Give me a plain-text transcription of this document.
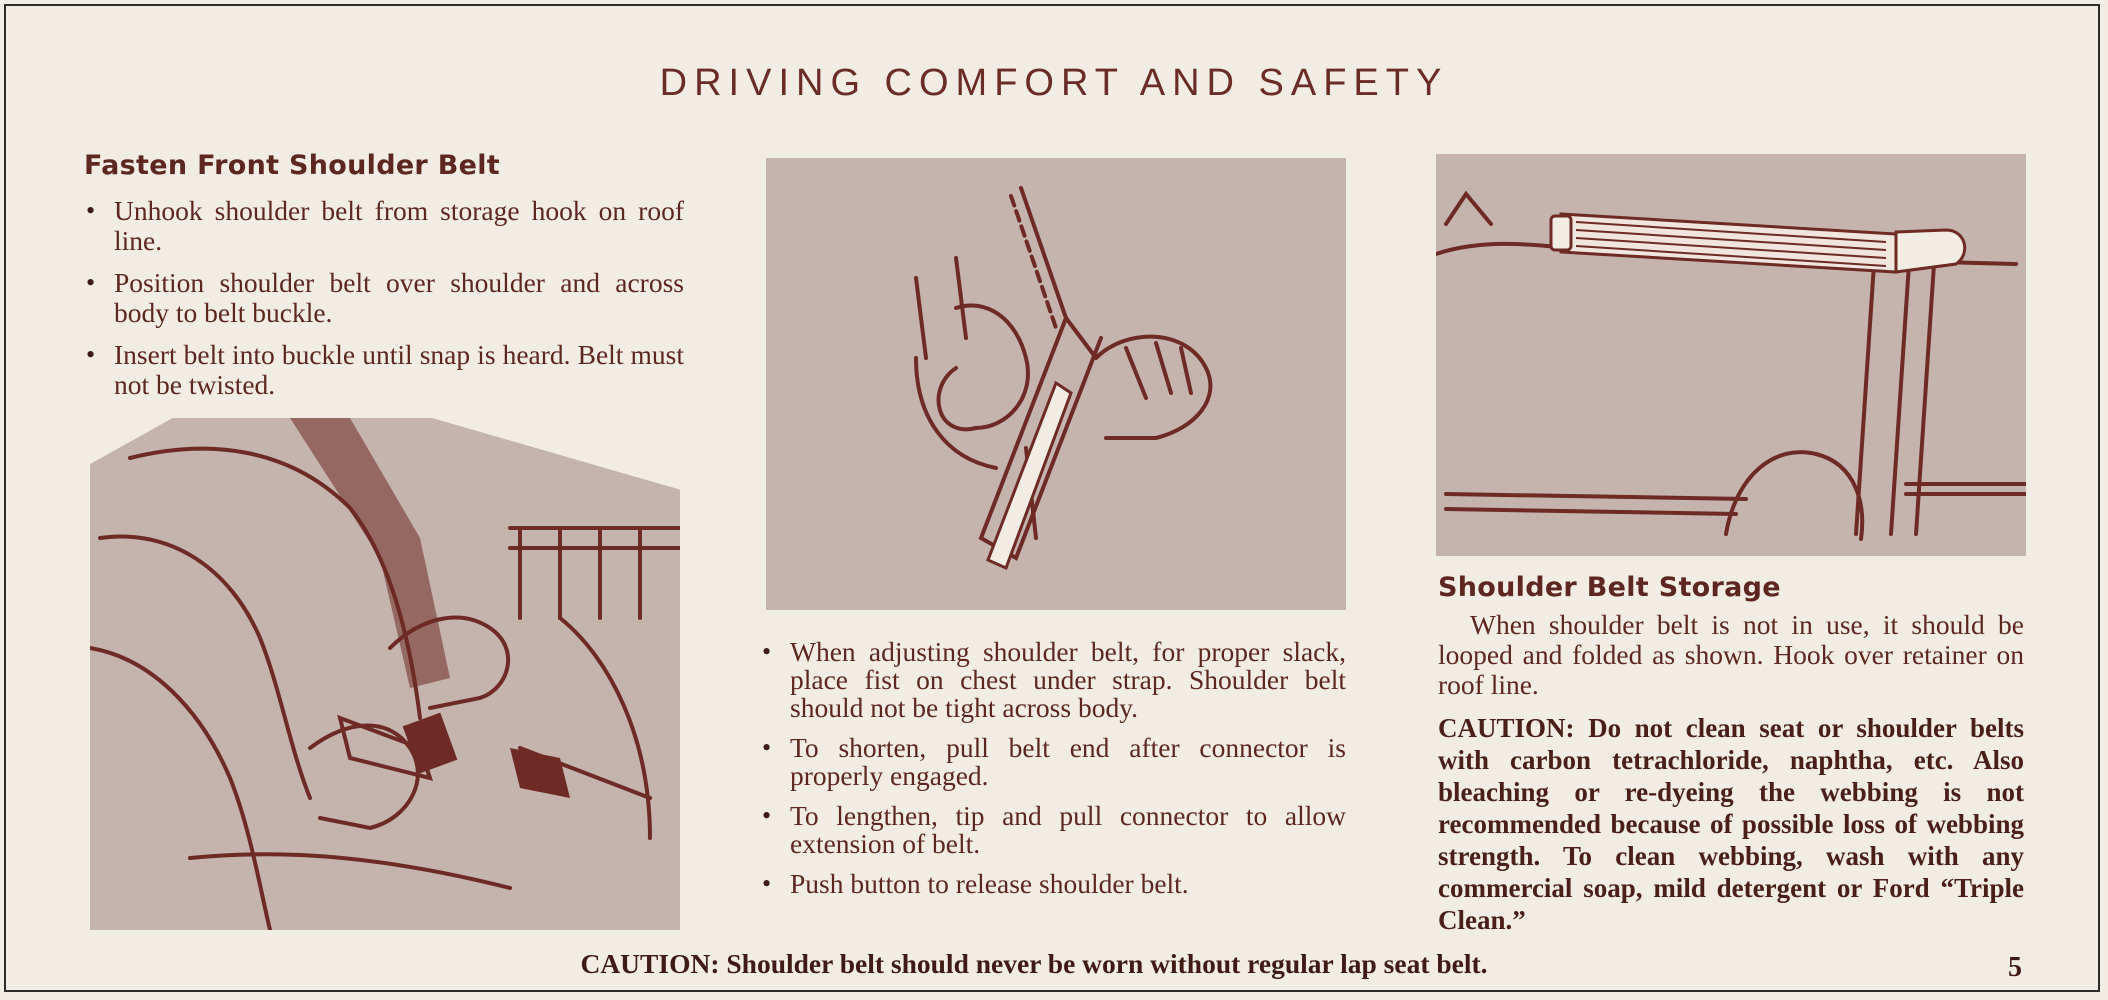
DRIVING COMFORT AND SAFETY
Fasten Front Shoulder Belt
• Unhook shoulder belt from storage hook on roof line.
• Position shoulder belt over shoulder and across body to belt buckle.
• Insert belt into buckle until snap is heard. Belt must not be twisted.
• When adjusting shoulder belt, for proper slack, place fist on chest under strap. Shoulder belt should not be tight across body.
• To shorten, pull belt end after connector is properly engaged.
• To lengthen, tip and pull connector to allow extension of belt.
• Push button to release shoulder belt.
Shoulder Belt Storage
When shoulder belt is not in use, it should be looped and folded as shown. Hook over retainer on roof line.
CAUTION: Do not clean seat or shoulder belts with carbon tetrachloride, naphtha, etc. Also bleaching or re-dyeing the webbing is not recommended because of possible loss of webbing strength. To clean webbing, wash with any commercial soap, mild detergent or Ford “Triple Clean.”
CAUTION: Shoulder belt should never be worn without regular lap seat belt.	5
